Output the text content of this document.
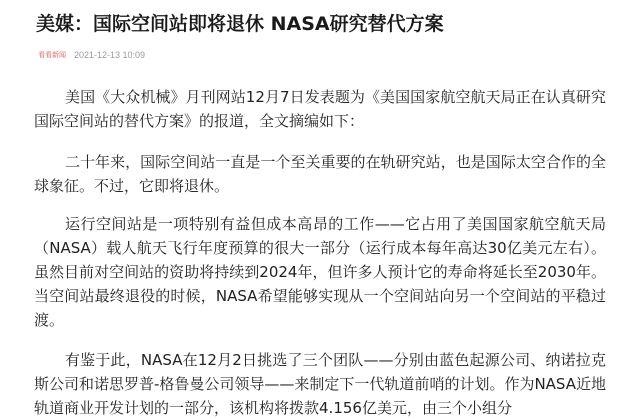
美媒：国际空间站即将退休 NASA研究替代方案
看看新闻 2021-12-13 10:09

美国《大众机械》月刊网站12月7日发表题为《美国国家航空航天局正在认真研究国际空间站的替代方案》的报道，全文摘编如下：

二十年来，国际空间站一直是一个至关重要的在轨研究站，也是国际太空合作的全球象征。不过，它即将退休。

运行空间站是一项特别有益但成本高昂的工作——它占用了美国国家航空航天局（NASA）载人航天飞行年度预算的很大一部分（运行成本每年高达30亿美元左右）。虽然目前对空间站的资助将持续到2024年，但许多人预计它的寿命将延长至2030年。当空间站最终退役的时候，NASA希望能够实现从一个空间站向另一个空间站的平稳过渡。

有鉴于此，NASA在12月2日挑选了三个团队——分别由蓝色起源公司、纳诺拉克斯公司和诺思罗普-格鲁曼公司领导——来制定下一代轨道前哨的计划。作为NASA近地轨道商业开发计划的一部分，该机构将拨款4.156亿美元，由三个小组分
